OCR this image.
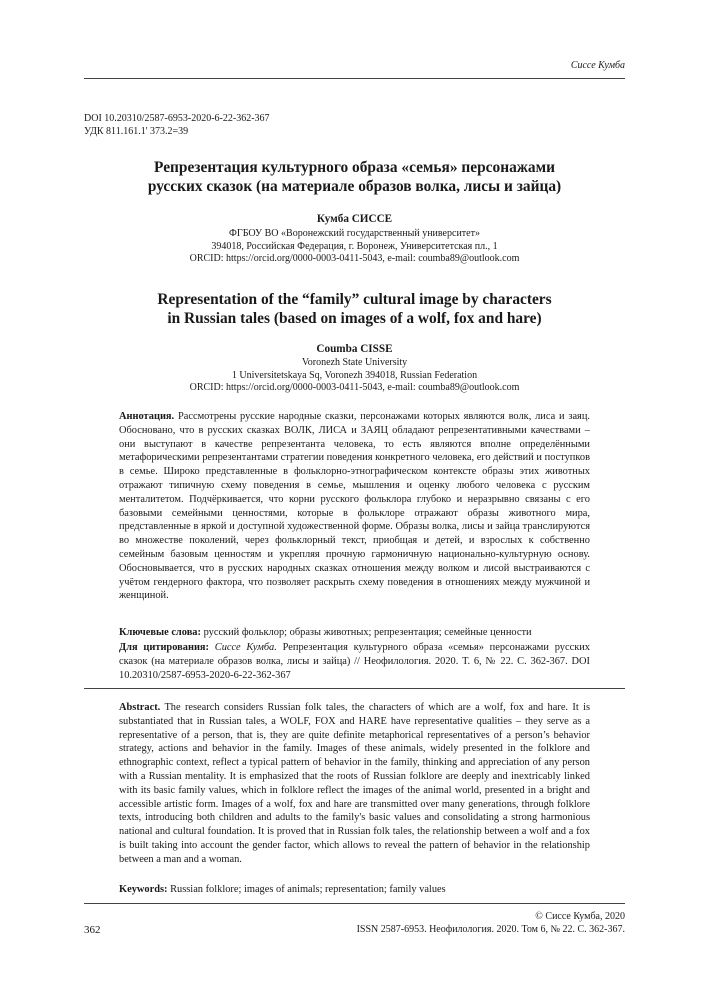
Сиссе Кумба

DOI 10.20310/2587-6953-2020-6-22-362-367

УДК 811.161.1' 373.2=39

Репрезентация культурного образа «семья» персонажами

русских сказок (на материале образов волка, лисы и зайца)

Кумба СИССЕ

ФГБОУ ВО «Воронежский государственный университет»

394018, Российская Федерация, г. Воронеж, Университетская пл., 1

ORCID: https://orcid.org/0000-0003-0411-5043, e-mail: coumba89@outlook.com

Representation of the “family” cultural image by characters

in Russian tales (based on images of a wolf, fox and hare)

Coumba CISSE

Voronezh State University

1 Universitetskaya Sq, Voronezh 394018, Russian Federation

ORCID: https://orcid.org/0000-0003-0411-5043, e-mail: coumba89@outlook.com

Аннотация. Рассмотрены русские народные сказки, персонажами которых являются волк, лиса и заяц. Обосновано, что в русских сказках ВОЛК, ЛИСА и ЗАЯЦ обладают репрезентативными качествами – они выступают в качестве репрезентанта человека, то есть являются вполне определёнными метафорическими репрезентантами стратегии поведения конкретного человека, его действий и поступков в семье. Широко представленные в фольклорно-этнографическом контексте образы этих животных отражают типичную схему поведения в семье, мышления и оценку любого человека с русским менталитетом. Подчёркивается, что корни русского фольклора глубоко и неразрывно связаны с его базовыми семейными ценностями, которые в фольклоре отражают образы животного мира, представленные в яркой и доступной художественной форме. Образы волка, лисы и зайца транслируются во множестве поколений, через фольклорный текст, приобщая и детей, и взрослых к собственно семейным базовым ценностям и укрепляя прочную гармоничную национально-культурную основу. Обосновывается, что в русских народных сказках отношения между волком и лисой выстраиваются с учётом гендерного фактора, что позволяет раскрыть схему поведения в отношениях между мужчиной и женщиной.
Ключевые слова: русский фольклор; образы животных; репрезентация; семейные ценности
Для цитирования: Сиссе Кумба. Репрезентация культурного образа «семья» персонажами русских сказок (на материале образов волка, лисы и зайца) // Неофилология. 2020. Т. 6, № 22. С. 362-367. DOI 10.20310/2587-6953-2020-6-22-362-367
Abstract. The research considers Russian folk tales, the characters of which are a wolf, fox and hare. It is substantiated that in Russian tales, a WOLF, FOX and HARE have representative qualities – they serve as a representative of a person, that is, they are quite definite metaphorical representatives of a person’s behavior strategy, actions and behavior in the family. Images of these animals, widely presented in the folklore and ethnographic context, reflect a typical pattern of behavior in the family, thinking and appreciation of any person with a Russian mentality. It is emphasized that the roots of Russian folklore are deeply and inextricably linked with its basic family values, which in folklore reflect the images of the animal world, presented in a bright and accessible artistic form. Images of a wolf, fox and hare are transmitted over many generations, through folklore texts, introducing both children and adults to the family's basic values and consolidating a strong harmonious national and cultural foundation. It is proved that in Russian folk tales, the relationship between a wolf and a fox is built taking into account the gender factor, which allows to reveal the pattern of behavior in the relationship between a man and a woman.
Keywords: Russian folklore; images of animals; representation; family values
© Сиссе Кумба, 2020
362	ISSN 2587-6953. Неофилология. 2020. Том 6, № 22. С. 362-367.
